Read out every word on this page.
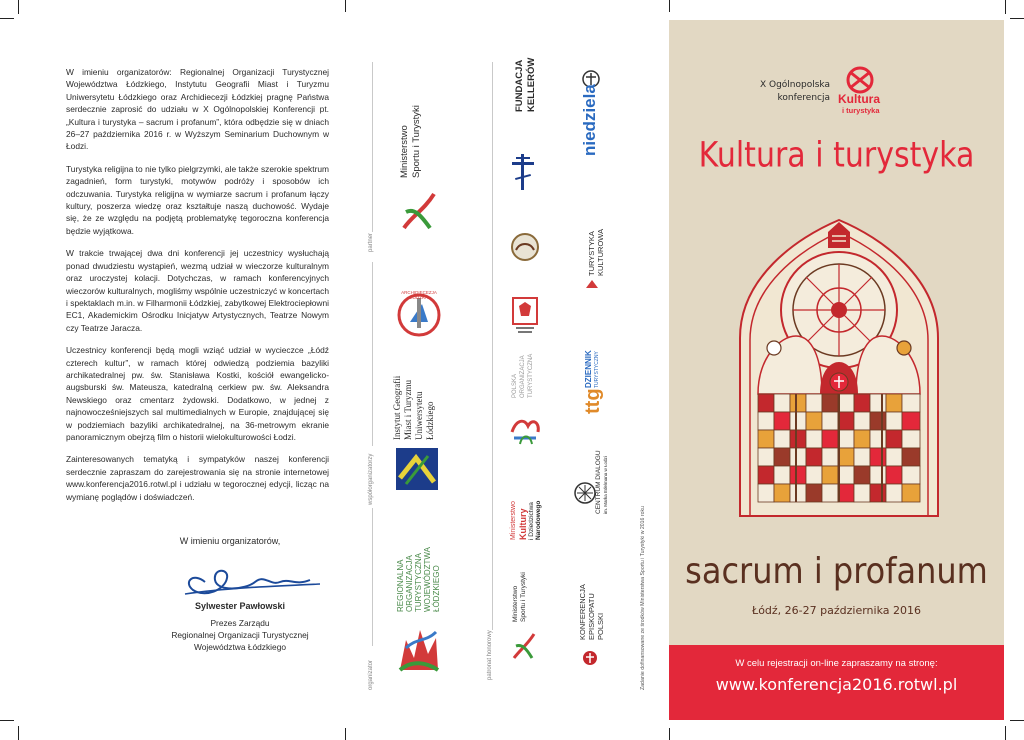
W imieniu organizatorów: Regionalnej Organizacji Turystycznej Województwa Łódzkiego, Instytutu Geografii Miast i Turyzmu Uniwersytetu Łódzkiego oraz Archidiecezji Łódzkiej pragnę Państwa serdecznie zaprosić do udziału w X Ogólnopolskiej Konferencji pt. „Kultura i turystyka – sacrum i profanum”, która odbędzie się w dniach 26–27 października 2016 r. w Wyższym Seminarium Duchownym w Łodzi.

Turystyka religijna to nie tylko pielgrzymki, ale także szerokie spektrum zagadnień, form turystyki, motywów podróży i sposobów ich odczuwania. Turystyka religijna w wymiarze sacrum i profanum łączy kultury, poszerza wiedzę oraz kształtuje naszą duchowość. Wydaje się, że ze względu na podjętą problematykę tegoroczna konferencja będzie wyjątkowa.

W trakcie trwającej dwa dni konferencji jej uczestnicy wysłuchają ponad dwudziestu wystąpień, wezmą udział w wieczorze kulturalnym oraz uroczystej kolacji. Dotychczas, w ramach konferencyjnych wieczorów kulturalnych, mogliśmy wspólnie uczestniczyć w koncertach i spektaklach m.in. w Filharmonii Łódzkiej, zabytkowej Elektrociepłowni EC1, Akademickim Ośrodku Inicjatyw Artystycznych, Teatrze Nowym czy Teatrze Jaracza.

Uczestnicy konferencji będą mogli wziąć udział w wycieczce „Łódź czterech kultur”, w ramach której odwiedzą podziemia bazyliki archikatedralnej pw. św. Stanisława Kostki, kościół ewangelicko-augsburski św. Mateusza, katedralną cerkiew pw. św. Aleksandra Newskiego oraz cmentarz żydowski. Dodatkowo, w jednej z najnowocześniejszych sal multimedialnych w Europie, znajdującej się w podziemiach bazyliki archikatedralnej, na 36-metrowym ekranie panoramicznym obejrzą film o historii wielokulturowości Łodzi.

Zainteresowanych tematyką i sympatyków naszej konferencji serdecznie zapraszam do zarejestrowania się na stronie internetowej www.konferencja2016.rotwl.pl i udziału w tegorocznej edycji, licząc na wymianę poglądów i doświadczeń.

W imieniu organizatorów,
Sylwester Pawłowski
Prezes Zarządu
Regionalnej Organizacji Turystycznej
Województwa Łódzkiego
partner
współorganizatorzy
organizator	patronat honorowy
Ministerstwo Sportu i Turystyki
ARCHIDIECEZJA ŁÓDZKA
Instytut Geografii Miast i Turyzmu Uniwersytetu Łódzkiego
REGIONALNA ORGANIZACJA TURYSTYCZNA WOJEWÓDZTWA ŁÓDZKIEGO
FUNDACJA KELLERÓW
POLSKA ORGANIZACJA TURYSTYCZNA
Ministerstwo Kultury i Dziedzictwa Narodowego
Ministerstwo Sportu i Turystyki
niedziela
TURYSTYKA KULTUROWA
ttg
DZIENNIK TURYSTYCZNY
CENTRUM DIALOGU im. Marka Edelmana w Łodzi
KONFERENCJA EPISKOPATU POLSKI	Zadanie dofinansowane ze środków Ministerstwa Sportu i Turystyki w 2016 roku
X Ogólnopolska
konferencja Kultura
i turystyka
Kultura i turystyka
sacrum i profanum
Łódź, 26-27 października 2016
W celu rejestracji on-line zapraszamy na stronę:
www.konferencja2016.rotwl.pl
